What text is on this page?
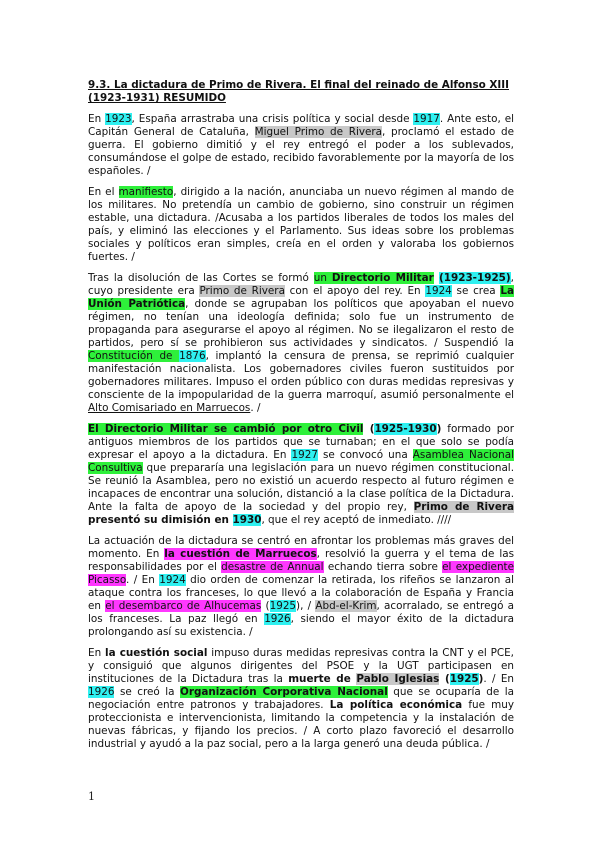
9.3. La dictadura de Primo de Rivera. El final del reinado de Alfonso XIII (1923-1931) RESUMIDO

En 1923, España arrastraba una crisis política y social desde 1917. Ante esto, el Capitán General de Cataluña, Miguel Primo de Rivera, proclamó el estado de guerra. El gobierno dimitió y el rey entregó el poder a los sublevados, consumándose el golpe de estado, recibido favorablemente por la mayoría de los españoles. /

En el manifiesto, dirigido a la nación, anunciaba un nuevo régimen al mando de los militares. No pretendía un cambio de gobierno, sino construir un régimen estable, una dictadura. /Acusaba a los partidos liberales de todos los males del país, y eliminó las elecciones y el Parlamento. Sus ideas sobre los problemas sociales y políticos eran simples, creía en el orden y valoraba los gobiernos fuertes. /

Tras la disolución de las Cortes se formó un Directorio Militar (1923-1925), cuyo presidente era Primo de Rivera con el apoyo del rey. En 1924 se crea La Unión Patriótica, donde se agrupaban los políticos que apoyaban el nuevo régimen, no tenían una ideología definida; solo fue un instrumento de propaganda para asegurarse el apoyo al régimen. No se ilegalizaron el resto de partidos, pero sí se prohibieron sus actividades y sindicatos. / Suspendió la Constitución de 1876, implantó la censura de prensa, se reprimió cualquier manifestación nacionalista. Los gobernadores civiles fueron sustituidos por gobernadores militares. Impuso el orden público con duras medidas represivas y consciente de la impopularidad de la guerra marroquí, asumió personalmente el Alto Comisariado en Marruecos. /

El Directorio Militar se cambió por otro Civil (1925-1930) formado por antiguos miembros de los partidos que se turnaban; en el que solo se podía expresar el apoyo a la dictadura. En 1927 se convocó una Asamblea Nacional Consultiva que prepararía una legislación para un nuevo régimen constitucional. Se reunió la Asamblea, pero no existió un acuerdo respecto al futuro régimen e incapaces de encontrar una solución, distanció a la clase política de la Dictadura. Ante la falta de apoyo de la sociedad y del propio rey, Primo de Rivera presentó su dimisión en 1930, que el rey aceptó de inmediato. ////

La actuación de la dictadura se centró en afrontar los problemas más graves del momento. En la cuestión de Marruecos, resolvió la guerra y el tema de las responsabilidades por el desastre de Annual echando tierra sobre el expediente Picasso. / En 1924 dio orden de comenzar la retirada, los rifeños se lanzaron al ataque contra los franceses, lo que llevó a la colaboración de España y Francia en el desembarco de Alhucemas (1925), / Abd-el-Krim, acorralado, se entregó a los franceses. La paz llegó en 1926, siendo el mayor éxito de la dictadura prolongando así su existencia. /

En la cuestión social impuso duras medidas represivas contra la CNT y el PCE, y consiguió que algunos dirigentes del PSOE y la UGT participasen en instituciones de la Dictadura tras la muerte de Pablo Iglesias (1925). / En 1926 se creó la Organización Corporativa Nacional que se ocuparía de la negociación entre patronos y trabajadores. La política económica fue muy proteccionista e intervencionista, limitando la competencia y la instalación de nuevas fábricas, y fijando los precios. / A corto plazo favoreció el desarrollo industrial y ayudó a la paz social, pero a la larga generó una deuda pública. /

1
